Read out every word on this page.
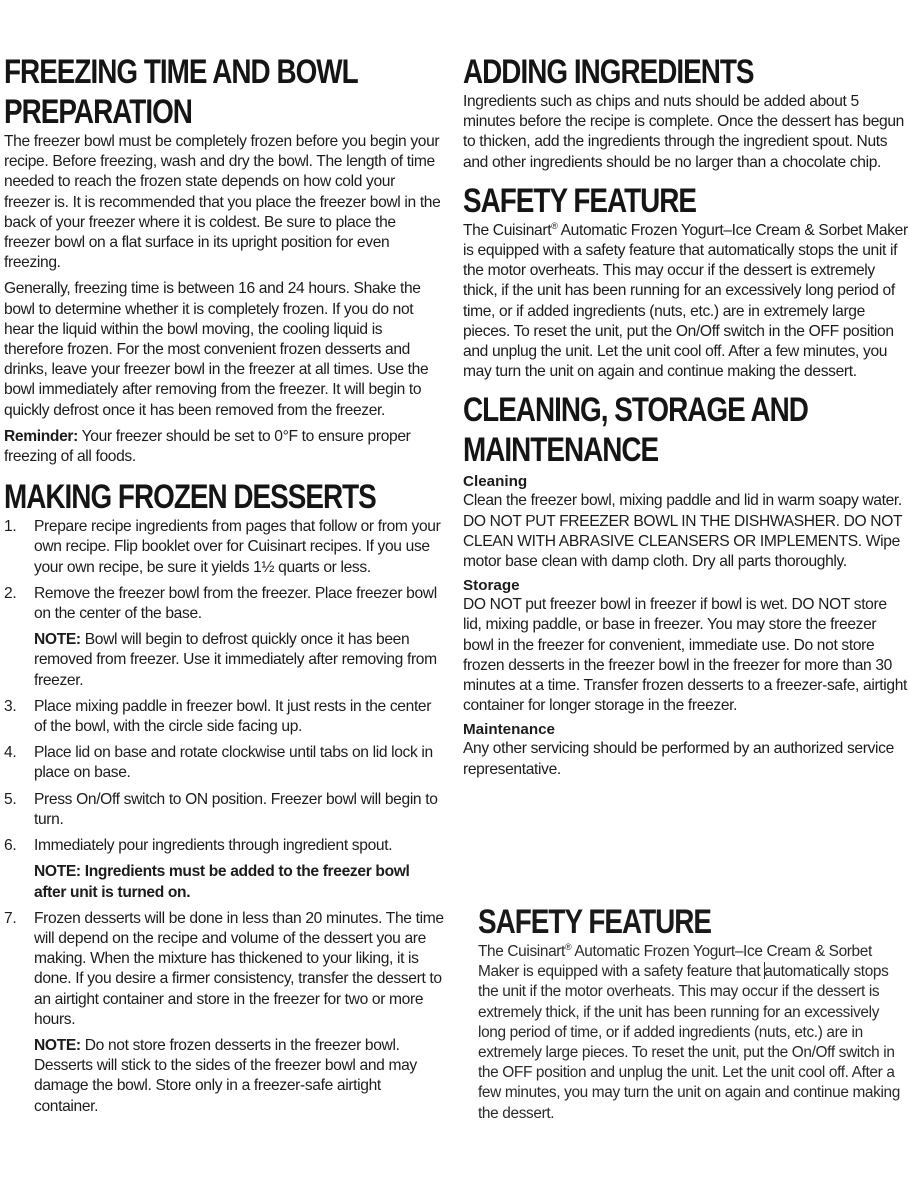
FREEZING TIME AND BOWL
PREPARATION

The freezer bowl must be completely frozen before you begin your recipe. Before freezing, wash and dry the bowl. The length of time needed to reach the frozen state depends on how cold your freezer is. It is recommended that you place the freezer bowl in the back of your freezer where it is coldest. Be sure to place the freezer bowl on a flat surface in its upright position for even freezing.

Generally, freezing time is between 16 and 24 hours. Shake the bowl to determine whether it is completely frozen. If you do not hear the liquid within the bowl moving, the cooling liquid is therefore frozen. For the most convenient frozen desserts and drinks, leave your freezer bowl in the freezer at all times. Use the bowl immediately after removing from the freezer. It will begin to quickly defrost once it has been removed from the freezer.

Reminder: Your freezer should be set to 0°F to ensure proper freezing of all foods.

MAKING FROZEN DESSERTS
1. Prepare recipe ingredients from pages that follow or from your own recipe. Flip booklet over for Cuisinart recipes. If you use your own recipe, be sure it yields 1½ quarts or less.
2. Remove the freezer bowl from the freezer. Place freezer bowl on the center of the base.
NOTE: Bowl will begin to defrost quickly once it has been removed from freezer. Use it immediately after removing from freezer.
3. Place mixing paddle in freezer bowl. It just rests in the center of the bowl, with the circle side facing up.
4. Place lid on base and rotate clockwise until tabs on lid lock in place on base.
5. Press On/Off switch to ON position. Freezer bowl will begin to turn.
6. Immediately pour ingredients through ingredient spout.
NOTE: Ingredients must be added to the freezer bowl after unit is turned on.
7. Frozen desserts will be done in less than 20 minutes. The time will depend on the recipe and volume of the dessert you are making. When the mixture has thickened to your liking, it is done. If you desire a firmer consistency, transfer the dessert to an airtight container and store in the freezer for two or more hours.
NOTE: Do not store frozen desserts in the freezer bowl. Desserts will stick to the sides of the freezer bowl and may damage the bowl. Store only in a freezer-safe airtight container.
ADDING INGREDIENTS

Ingredients such as chips and nuts should be added about 5 minutes before the recipe is complete. Once the dessert has begun to thicken, add the ingredients through the ingredient spout. Nuts and other ingredients should be no larger than a chocolate chip.

SAFETY FEATURE

The Cuisinart® Automatic Frozen Yogurt–Ice Cream & Sorbet Maker is equipped with a safety feature that automatically stops the unit if the motor overheats. This may occur if the dessert is extremely thick, if the unit has been running for an excessively long period of time, or if added ingredients (nuts, etc.) are in extremely large pieces. To reset the unit, put the On/Off switch in the OFF position and unplug the unit. Let the unit cool off. After a few minutes, you may turn the unit on again and continue making the dessert.

CLEANING, STORAGE AND
MAINTENANCE
Cleaning

Clean the freezer bowl, mixing paddle and lid in warm soapy water. DO NOT PUT FREEZER BOWL IN THE DISHWASHER. DO NOT CLEAN WITH ABRASIVE CLEANSERS OR IMPLEMENTS. Wipe motor base clean with damp cloth. Dry all parts thoroughly.

Storage

DO NOT put freezer bowl in freezer if bowl is wet. DO NOT store lid, mixing paddle, or base in freezer. You may store the freezer bowl in the freezer for convenient, immediate use. Do not store frozen desserts in the freezer bowl in the freezer for more than 30 minutes at a time. Transfer frozen desserts to a freezer-safe, airtight container for longer storage in the freezer.

Maintenance

Any other servicing should be performed by an authorized service representative.

SAFETY FEATURE

The Cuisinart® Automatic Frozen Yogurt–Ice Cream & Sorbet Maker is equipped with a safety feature that automatically stops the unit if the motor overheats. This may occur if the dessert is extremely thick, if the unit has been running for an excessively long period of time, or if added ingredients (nuts, etc.) are in extremely large pieces. To reset the unit, put the On/Off switch in the OFF position and unplug the unit. Let the unit cool off. After a few minutes, you may turn the unit on again and continue making the dessert.
